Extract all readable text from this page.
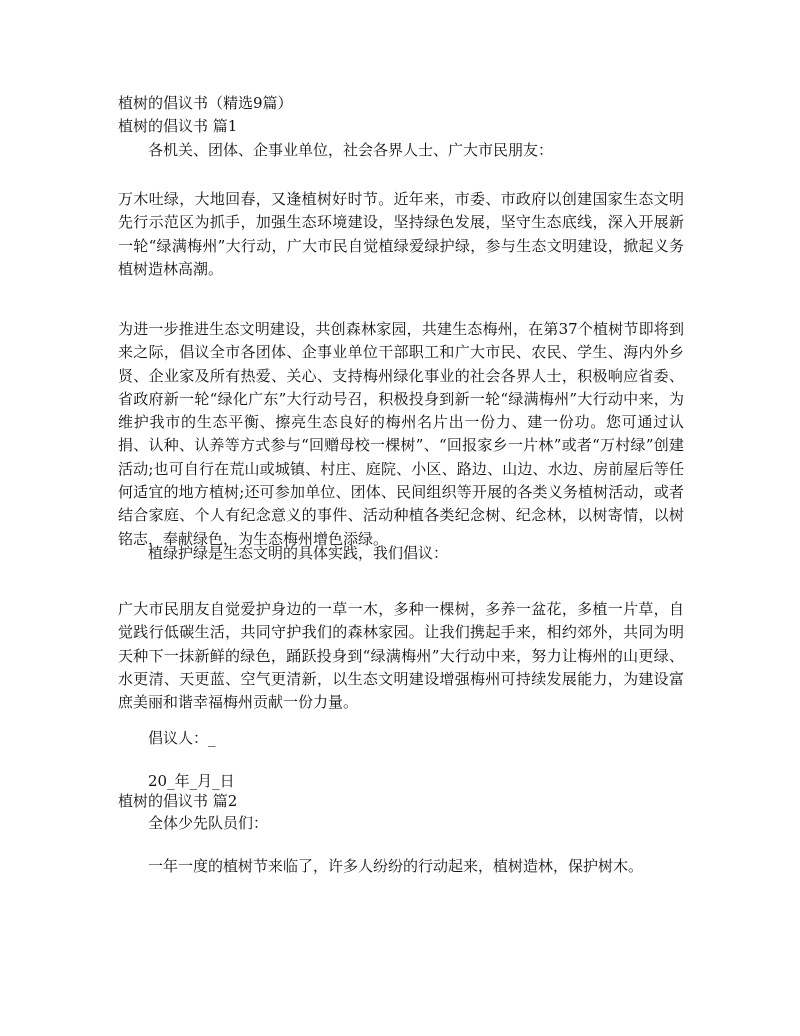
植树的倡议书（精选9篇）
植树的倡议书 篇1
各机关、团体、企事业单位，社会各界人士、广大市民朋友：
万木吐绿，大地回春，又逢植树好时节。近年来，市委、市政府以创建国家生态文明先行示范区为抓手，加强生态环境建设，坚持绿色发展，坚守生态底线，深入开展新一轮“绿满梅州”大行动，广大市民自觉植绿爱绿护绿，参与生态文明建设，掀起义务植树造林高潮。
为进一步推进生态文明建设，共创森林家园，共建生态梅州，在第37个植树节即将到来之际，倡议全市各团体、企事业单位干部职工和广大市民、农民、学生、海内外乡贤、企业家及所有热爱、关心、支持梅州绿化事业的社会各界人士，积极响应省委、省政府新一轮“绿化广东”大行动号召，积极投身到新一轮“绿满梅州”大行动中来，为维护我市的生态平衡、擦亮生态良好的梅州名片出一份力、建一份功。您可通过认捐、认种、认养等方式参与“回赠母校一棵树”、“回报家乡一片林”或者“万村绿”创建活动;也可自行在荒山或城镇、村庄、庭院、小区、路边、山边、水边、房前屋后等任何适宜的地方植树;还可参加单位、团体、民间组织等开展的各类义务植树活动，或者结合家庭、个人有纪念意义的事件、活动种植各类纪念树、纪念林，以树寄情，以树铭志，奉献绿色，为生态梅州增色添绿。
植绿护绿是生态文明的具体实践，我们倡议：
广大市民朋友自觉爱护身边的一草一木，多种一棵树，多养一盆花，多植一片草，自觉践行低碳生活，共同守护我们的森林家园。让我们携起手来，相约郊外，共同为明天种下一抹新鲜的绿色，踊跃投身到“绿满梅州”大行动中来，努力让梅州的山更绿、水更清、天更蓝、空气更清新，以生态文明建设增强梅州可持续发展能力，为建设富庶美丽和谐幸福梅州贡献一份力量。
倡议人：_
20_年_月_日
植树的倡议书 篇2
全体少先队员们：
一年一度的植树节来临了，许多人纷纷的行动起来，植树造林，保护树木。
